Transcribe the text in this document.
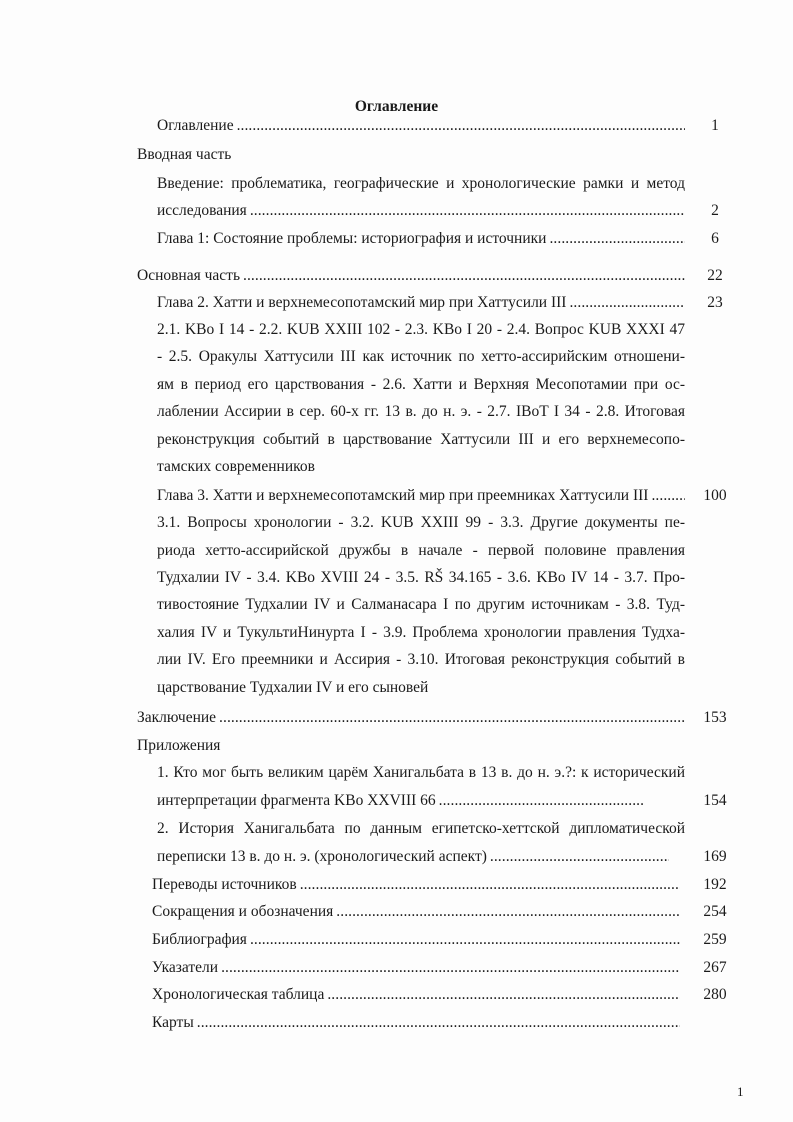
Оглавление
Оглавление . . .	1
Вводная часть
Введение: проблематика, географические и хронологические рамки и метод
исследования . . .	2
Глава 1: Состояние проблемы: историография и источники . . .	6
Основная часть . . .	22
Глава 2. Хатти и верхнемесопотамский мир при Хаттусили III . . .	23
2.1. KBo I 14 - 2.2. KUB XXIII 102 - 2.3. KBo I 20 - 2.4. Вопрос KUB XXXI 47
- 2.5. Оракулы Хаттусили III как источник по хетто-ассирийским отношени-
ям в период его царствования - 2.6. Хатти и Верхняя Месопотамии при ос-
лаблении Ассирии в сер. 60-х гг. 13 в. до н. э. - 2.7. IBoT I 34 - 2.8. Итоговая
реконструкция событий в царствование Хаттусили III и его верхнемесопо-
тамских современников
Глава 3. Хатти и верхнемесопотамский мир при преемниках Хаттусили III . . .	100
3.1. Вопросы хронологии - 3.2. KUB XXIII 99 - 3.3. Другие документы пе-
риода хетто-ассирийской дружбы в начале - первой половине правления
Тудхалии IV - 3.4. KBo XVIII 24 - 3.5. RŠ 34.165 - 3.6. KBo IV 14 - 3.7. Про-
тивостояние Тудхалии IV и Салманасара I по другим источникам - 3.8. Туд-
халия IV и ТукультиНинурта I - 3.9. Проблема хронологии правления Тудха-
лии IV. Его преемники и Ассирия - 3.10. Итоговая реконструкция событий в
царствование Тудхалии IV и его сыновей
Заключение . . .	153
Приложения
1. Кто мог быть великим царём Ханигальбата в 13 в. до н. э.?: к исторический
интерпретации фрагмента KBo XXVIII 66 . . .	154
2. История Ханигальбата по данным египетско-хеттской дипломатической
переписки 13 в. до н. э. (хронологический аспект) . . .	169
Переводы источников . . .	192
Сокращения и обозначения . . .	254
Библиография . . .	259
Указатели . . .	267
Хронологическая таблица . . .	280
Карты
. . .
1
